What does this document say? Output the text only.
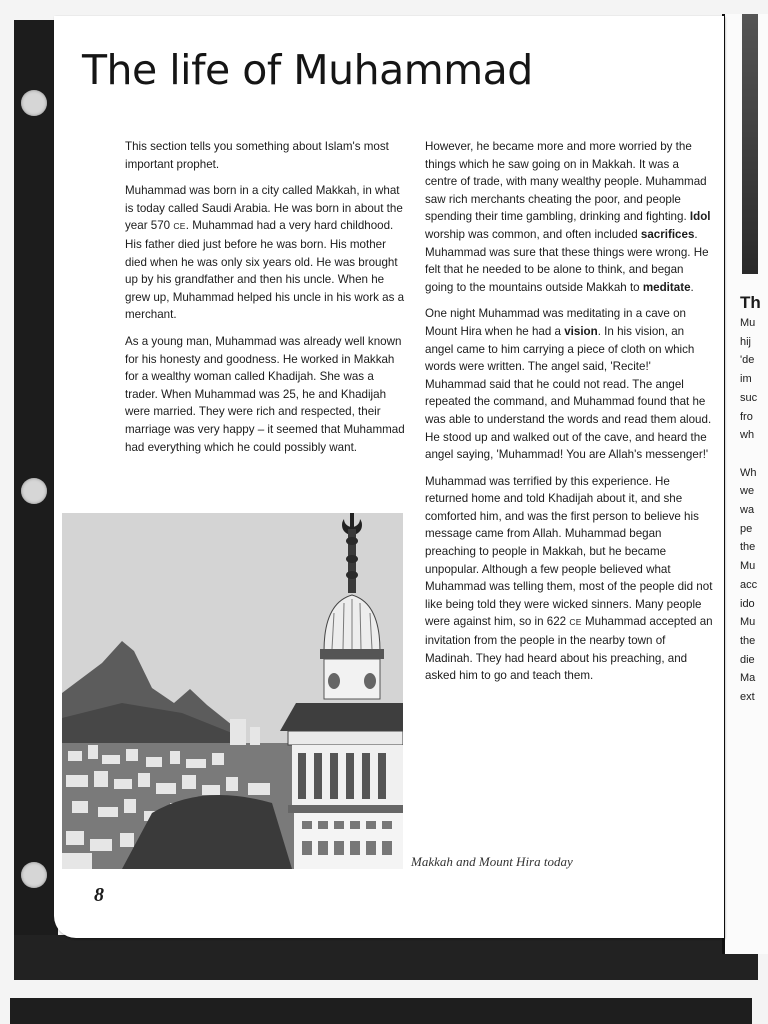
Th
Mu
hij
'de
im
suc
fro
wh

Wh
we
wa
pe
the
Mu
acc
ido
Mu
the
die
Ma
ext
The life of Muhammad

This section tells you something about Islam's most important prophet.

Muhammad was born in a city called Makkah, in what is today called Saudi Arabia. He was born in about the year 570 CE. Muhammad had a very hard childhood. His father died just before he was born. His mother died when he was only six years old. He was brought up by his grandfather and then his uncle. When he grew up, Muhammad helped his uncle in his work as a merchant.

As a young man, Muhammad was already well known for his honesty and goodness. He worked in Makkah for a wealthy woman called Khadijah. She was a trader. When Muhammad was 25, he and Khadijah were married. They were rich and respected, their marriage was very happy – it seemed that Muhammad had everything which he could possibly want.

However, he became more and more worried by the things which he saw going on in Makkah. It was a centre of trade, with many wealthy people. Muhammad saw rich merchants cheating the poor, and people spending their time gambling, drinking and fighting. Idol worship was common, and often included sacrifices. Muhammad was sure that these things were wrong. He felt that he needed to be alone to think, and began going to the mountains outside Makkah to meditate.

One night Muhammad was meditating in a cave on Mount Hira when he had a vision. In his vision, an angel came to him carrying a piece of cloth on which words were written. The angel said, 'Recite!' Muhammad said that he could not read. The angel repeated the command, and Muhammad found that he was able to understand the words and read them aloud. He stood up and walked out of the cave, and heard the angel saying, 'Muhammad! You are Allah's messenger!'

Muhammad was terrified by this experience. He returned home and told Khadijah about it, and she comforted him, and was the first person to believe his message came from Allah. Muhammad began preaching to people in Makkah, but he became unpopular. Although a few people believed what Muhammad was telling them, most of the people did not like being told they were wicked sinners. Many people were against him, so in 622 CE Muhammad accepted an invitation from the people in the nearby town of Madinah. They had heard about his preaching, and asked him to go and teach them.

Makkah and Mount Hira today
8
